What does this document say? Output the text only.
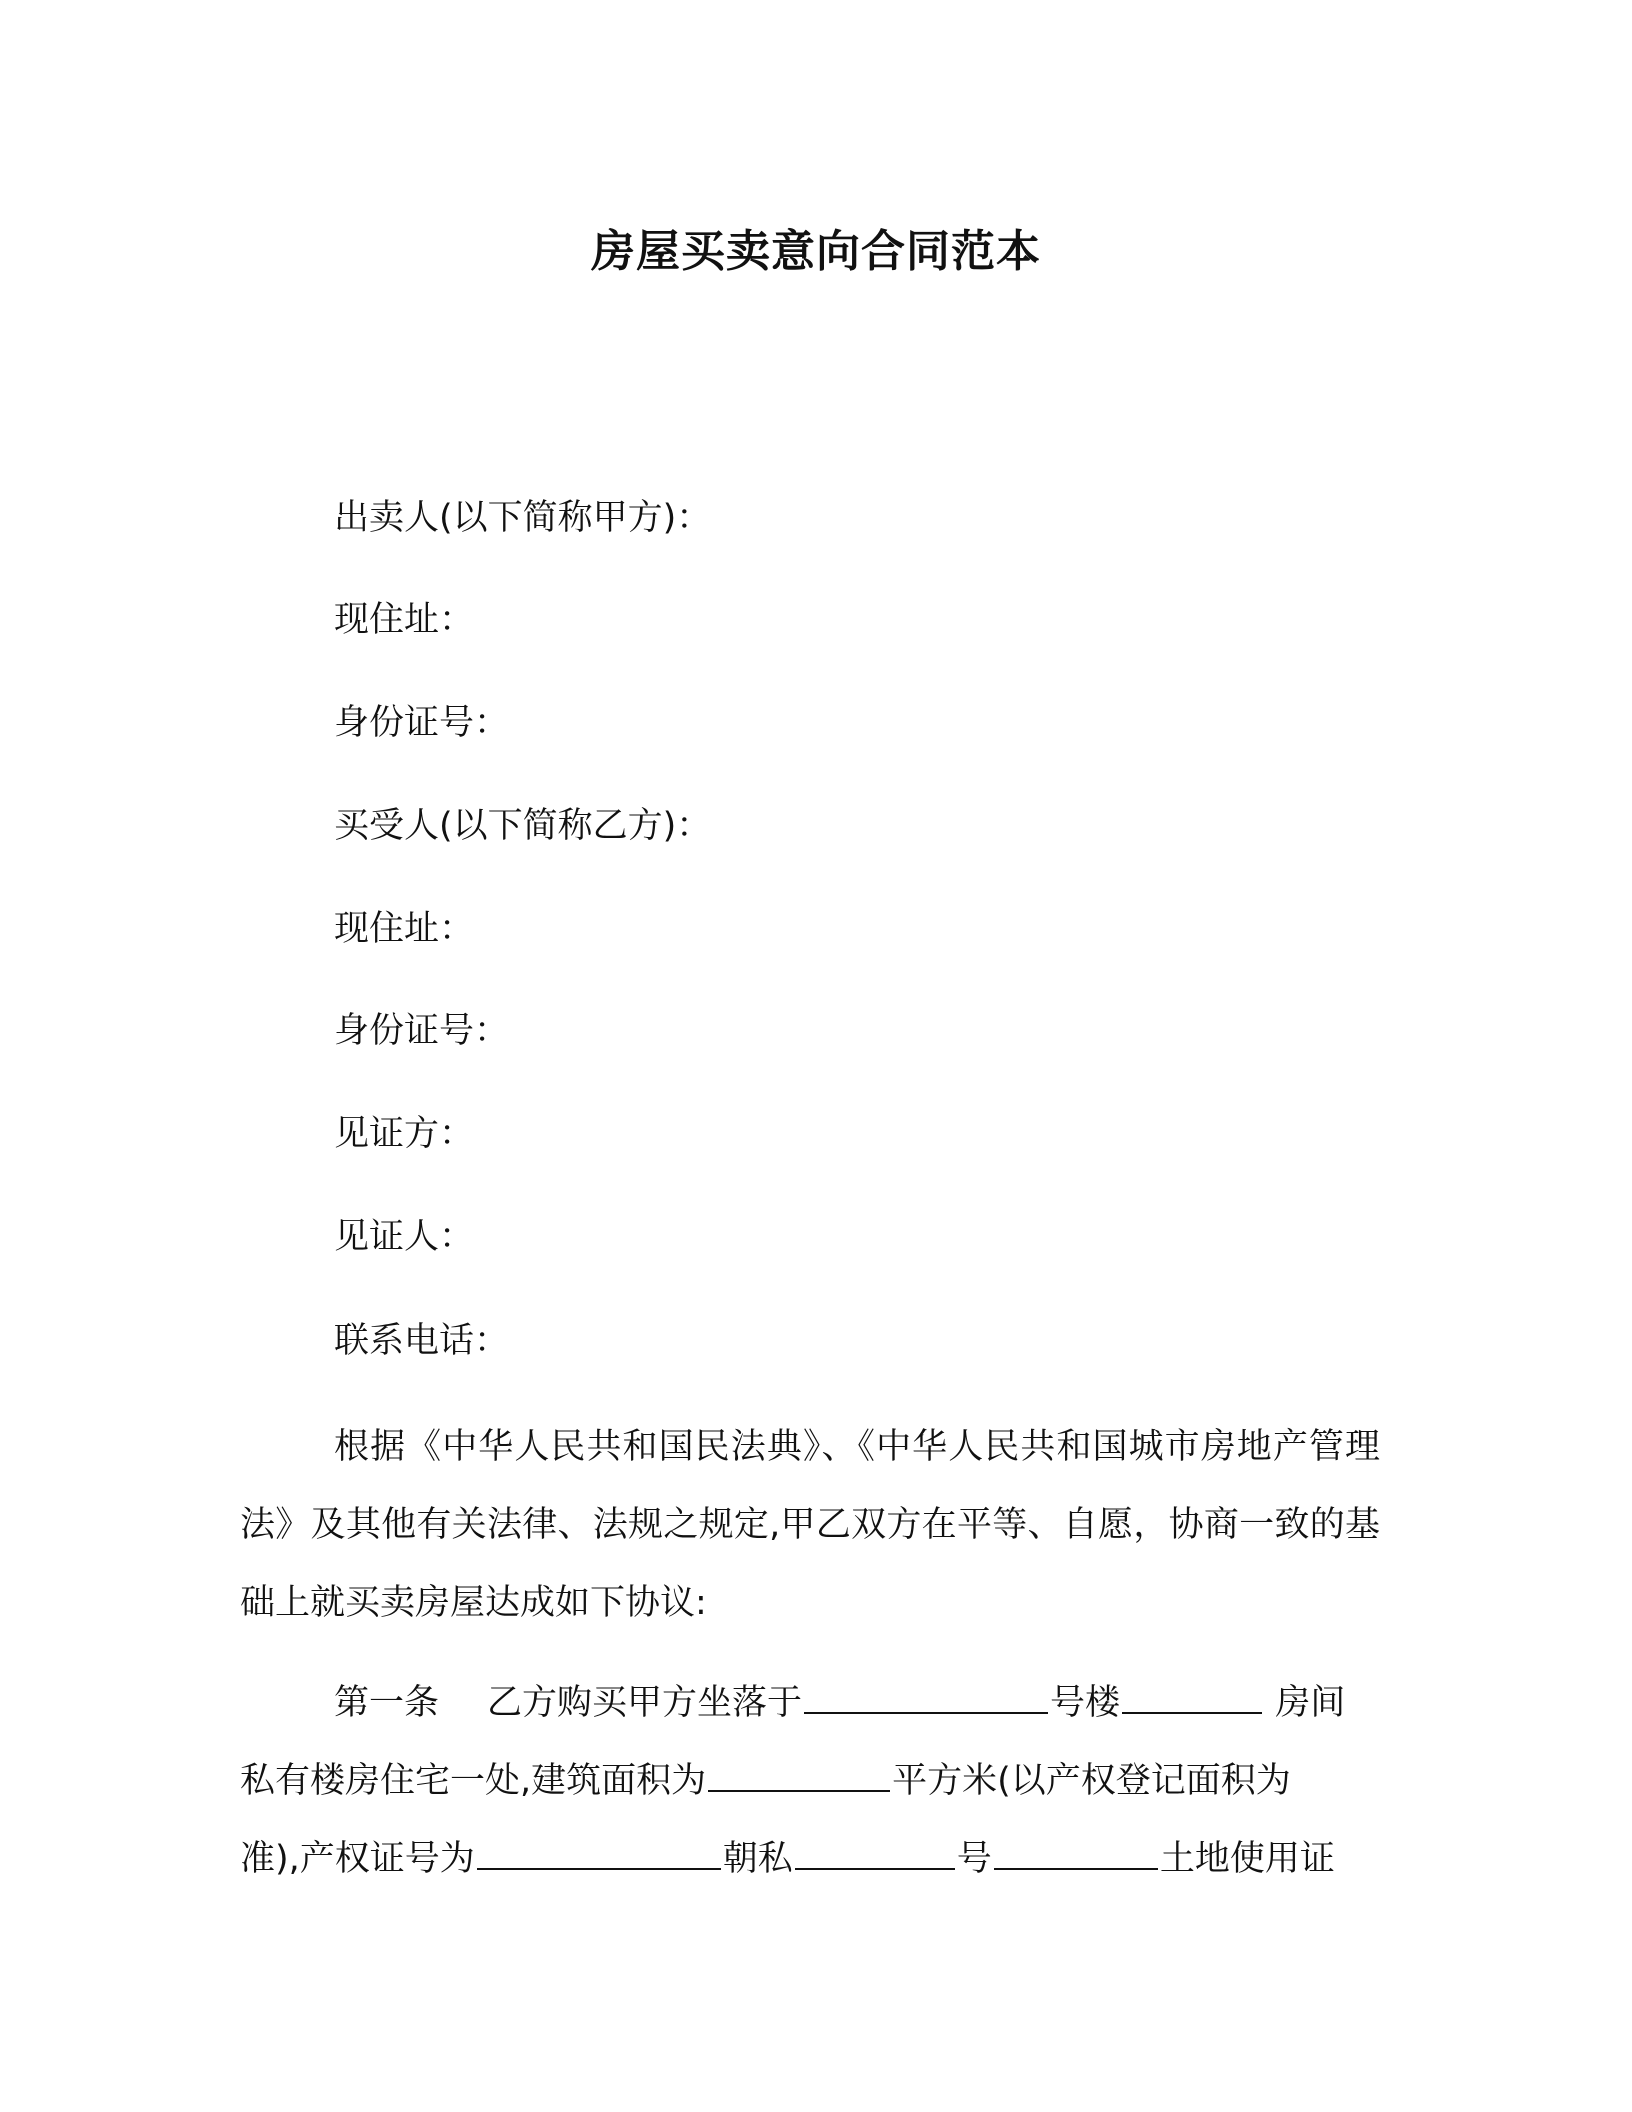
房屋买卖意向合同范本
出卖人(以下简称甲方)：
现住址：
身份证号：
买受人(以下简称乙方)：
现住址：
身份证号：
见证方：
见证人：
联系电话：
根据《中华人民共和国民法典》、《中华人民共和国城市房地产管理法》及其他有关法律、法规之规定,甲乙双方在平等、自愿，协商一致的基础上就买卖房屋达成如下协议:
第一条 乙方购买甲方坐落于	号楼	房间
私有楼房住宅一处,建筑面积为	平方米(以产权登记面积为
准),产权证号为	朝私	号	土地使用证
